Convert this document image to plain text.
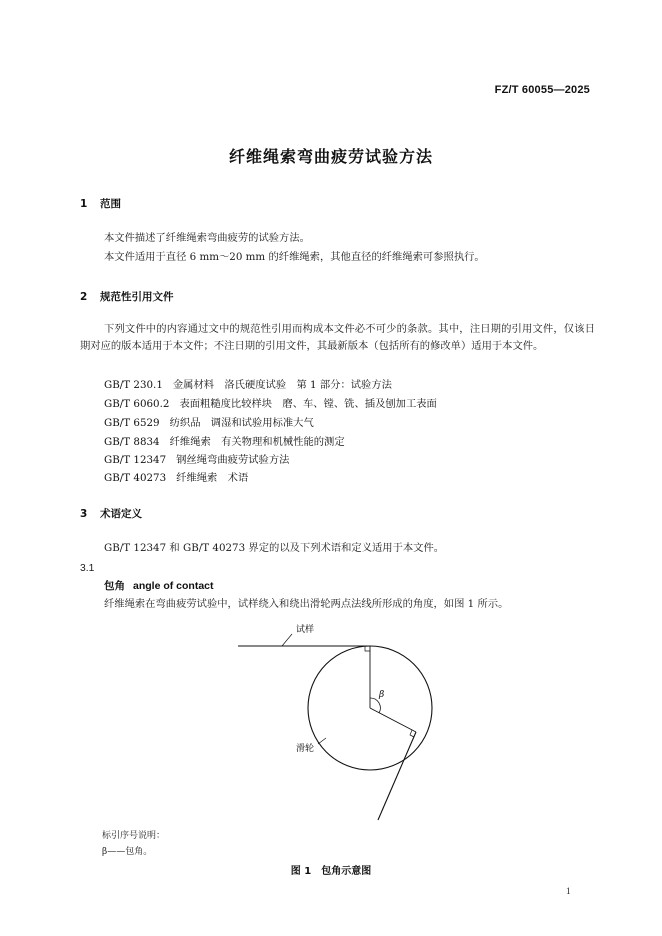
FZ/T 60055—2025
纤维绳索弯曲疲劳试验方法
1 范围
本文件描述了纤维绳索弯曲疲劳的试验方法。
本文件适用于直径 6 mm～20 mm 的纤维绳索，其他直径的纤维绳索可参照执行。
2 规范性引用文件
下列文件中的内容通过文中的规范性引用而构成本文件必不可少的条款。其中，注日期的引用文件，仅该日期对应的版本适用于本文件；不注日期的引用文件，其最新版本（包括所有的修改单）适用于本文件。
GB/T 230.1 金属材料　洛氏硬度试验　第 1 部分：试验方法
GB/T 6060.2 表面粗糙度比较样块　磨、车、镗、铣、插及刨加工表面
GB/T 6529 纺织品　调湿和试验用标准大气
GB/T 8834 纤维绳索　有关物理和机械性能的测定
GB/T 12347 钢丝绳弯曲疲劳试验方法
GB/T 40273 纤维绳索　术语
3 术语定义
GB/T 12347 和 GB/T 40273 界定的以及下列术语和定义适用于本文件。
3.1
包角 angle of contact
纤维绳索在弯曲疲劳试验中，试样绕入和绕出滑轮两点法线所形成的角度，如图 1 所示。
试样
滑轮
β
标引序号说明：
β——包角。
图 1　包角示意图
1
